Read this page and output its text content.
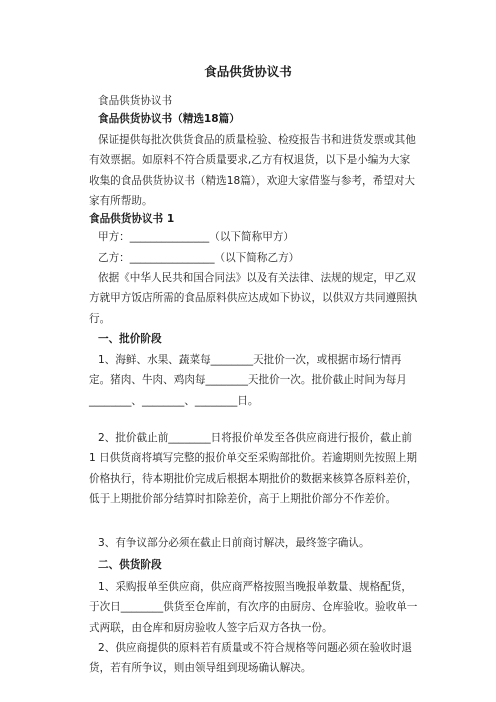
食品供货协议书
食品供货协议书
食品供货协议书（精选18篇）
保证提供每批次供货食品的质量检验、检疫报告书和进货发票或其他有效票据。如原料不符合质量要求,乙方有权退货，以下是小编为大家收集的食品供货协议书（精选18篇），欢迎大家借鉴与参考，希望对大家有所帮助。
食品供货协议书 1
甲方：_______________（以下简称甲方）
乙方：________________（以下简称乙方）
依据《中华人民共和国合同法》以及有关法律、法规的规定，甲乙双方就甲方饭店所需的食品原料供应达成如下协议，以供双方共同遵照执行。
一、批价阶段
1、海鲜、水果、蔬菜每________天批价一次，或根据市场行情再定。猪肉、牛肉、鸡肉每________天批价一次。批价截止时间为每月________、________、________日。
2、批价截止前________日将报价单发至各供应商进行报价，截止前 1 日供货商将填写完整的报价单交至采购部批价。若逾期则先按照上期价格执行，待本期批价完成后根据本期批价的数据来核算各原料差价，低于上期批价部分结算时扣除差价，高于上期批价部分不作差价。
3、有争议部分必须在截止日前商讨解决，最终签字确认。
二、供货阶段
1、采购报单至供应商，供应商严格按照当晚报单数量、规格配货，于次日________供货至仓库前，有次序的由厨房、仓库验收。验收单一式两联，由仓库和厨房验收人签字后双方各执一份。
2、供应商提供的原料若有质量或不符合规格等问题必须在验收时退货，若有所争议，则由领导组到现场确认解决。
